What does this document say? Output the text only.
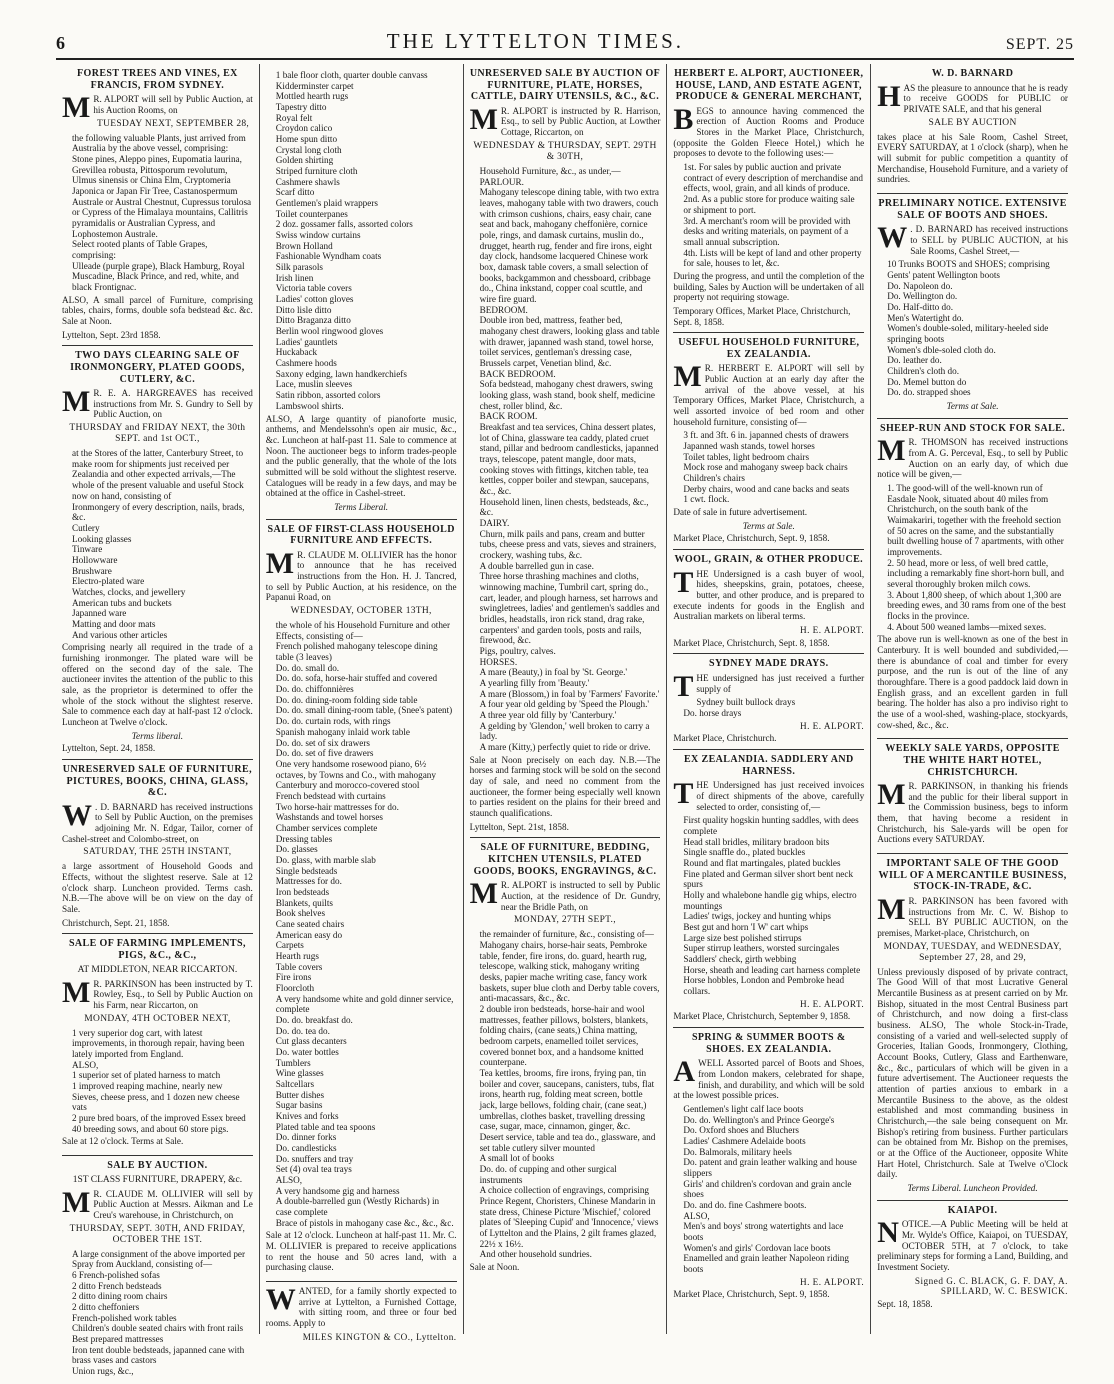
6	THE LYTTELTON TIMES.	SEPT. 25
FOREST TREES AND VINES, EX FRANCIS, FROM SYDNEY.
M R. ALPORT will sell by Public Auction, at his Auction Rooms, on
TUESDAY NEXT, SEPTEMBER 28,
the following valuable Plants, just arrived from Australia by the above vessel, comprising:
Stone pines, Aleppo pines, Eupomatia laurina, Grevillea robusta, Pittosporum revolutum, Ulmus sinensis or China Elm, Cryptomeria Japonica or Japan Fir Tree, Castanospermum Australe or Austral Chestnut, Cupressus torulosa or Cypress of the Himalaya mountains, Callitris pyramidalis or Australian Cypress, and Lophostemon Australe.
Select rooted plants of Table Grapes, comprising:
Ulleade (purple grape), Black Hamburg, Royal Muscadine, Black Prince, and red, white, and black Frontignac.
ALSO, A small parcel of Furniture, comprising tables, chairs, forms, double sofa bedstead &c. &c. Sale at Noon.
Lyttelton, Sept. 23rd 1858.
TWO DAYS CLEARING SALE OF IRONMONGERY, PLATED GOODS, CUTLERY, &C.
M R. E. A. HARGREAVES has received instructions from Mr. S. Gundry to Sell by Public Auction, on
THURSDAY and FRIDAY NEXT, the 30th SEPT. and 1st OCT.,
at the Stores of the latter, Canterbury Street, to make room for shipments just received per Zealandia and other expected arrivals,—The whole of the present valuable and useful Stock now on hand, consisting of
Ironmongery of every description, nails, brads, &c.
Cutlery
Looking glasses
Tinware
Hollowware
Brushware
Electro-plated ware
Watches, clocks, and jewellery
American tubs and buckets
Japanned ware
Matting and door mats
And various other articles
Comprising nearly all required in the trade of a furnishing ironmonger. The plated ware will be offered on the second day of the sale. The auctioneer invites the attention of the public to this sale, as the proprietor is determined to offer the whole of the stock without the slightest reserve. Sale to commence each day at half-past 12 o'clock. Luncheon at Twelve o'clock.
Terms liberal.
Lyttelton, Sept. 24, 1858.
UNRESERVED SALE OF FURNITURE, PICTURES, BOOKS, CHINA, GLASS, &C.
W . D. BARNARD has received instructions to Sell by Public Auction, on the premises adjoining Mr. N. Edgar, Tailor, corner of Cashel-street and Colombo-street, on
SATURDAY, THE 25TH INSTANT,
a large assortment of Household Goods and Effects, without the slightest reserve. Sale at 12 o'clock sharp. Luncheon provided. Terms cash. N.B.—The above will be on view on the day of Sale.
Christchurch, Sept. 21, 1858.
SALE OF FARMING IMPLEMENTS, PIGS, &C., &C.,
AT MIDDLETON, NEAR RICCARTON.
M R. PARKINSON has been instructed by T. Rowley, Esq., to Sell by Public Auction on his Farm, near Riccarton, on
MONDAY, 4TH OCTOBER NEXT,
1 very superior dog cart, with latest improvements, in thorough repair, having been lately imported from England.
ALSO,
1 superior set of plated harness to match
1 improved reaping machine, nearly new
Sieves, cheese press, and 1 dozen new cheese vats
2 pure bred boars, of the improved Essex breed
40 breeding sows, and about 60 store pigs.
Sale at 12 o'clock. Terms at Sale.
SALE BY AUCTION.
1ST CLASS FURNITURE, DRAPERY, &c.
M R. CLAUDE M. OLLIVIER will sell by Public Auction at Messrs. Aikman and Le Creu's warehouse, in Christchurch, on
THURSDAY, SEPT. 30TH, AND FRIDAY, OCTOBER THE 1ST.
A large consignment of the above imported per Spray from Auckland, consisting of—
6 French-polished sofas
2 ditto French bedsteads
2 ditto dining room chairs
2 ditto cheffoniers
French-polished work tables
Children's double seated chairs with front rails
Best prepared mattresses
Iron tent double bedsteads, japanned cane with brass vases and castors
Union rugs, &c.,
1 bale floor cloth, quarter double canvass
Kidderminster carpet
Mottled hearth rugs
Tapestry ditto
Royal felt
Croydon calico
Home spun ditto
Crystal long cloth
Golden shirting
Striped furniture cloth
Cashmere shawls
Scarf ditto
Gentlemen's plaid wrappers
Toilet counterpanes
2 doz. gossamer falls, assorted colors
Swiss window curtains
Brown Holland
Fashionable Wyndham coats
Silk parasols
Irish linen
Victoria table covers
Ladies' cotton gloves
Ditto lisle ditto
Ditto Braganza ditto
Berlin wool ringwood gloves
Ladies' gauntlets
Huckaback
Cashmere hoods
Saxony edging, lawn handkerchiefs
Lace, muslin sleeves
Satin ribbon, assorted colors
Lambswool shirts.
ALSO, A large quantity of pianoforte music, anthems, and Mendelssohn's open air music, &c., &c. Luncheon at half-past 11. Sale to commence at Noon. The auctioneer begs to inform trades-people and the public generally, that the whole of the lots submitted will be sold without the slightest reserve. Catalogues will be ready in a few days, and may be obtained at the office in Cashel-street.
Terms Liberal.
SALE OF FIRST-CLASS HOUSEHOLD FURNITURE AND EFFECTS.
M R. CLAUDE M. OLLIVIER has the honor to announce that he has received instructions from the Hon. H. J. Tancred, to sell by Public Auction, at his residence, on the Papanui Road, on
WEDNESDAY, OCTOBER 13TH,
the whole of his Household Furniture and other Effects, consisting of—
French polished mahogany telescope dining table (3 leaves)
Do. do. small do.
Do. do. sofa, horse-hair stuffed and covered
Do. do. chiffonnières
Do. do. dining-room folding side table
Do. do. small dining-room table, (Snee's patent)
Do. do. curtain rods, with rings
Spanish mahogany inlaid work table
Do. do. set of six drawers
Do. do. set of five drawers
One very handsome rosewood piano, 6½ octaves, by Towns and Co., with mahogany Canterbury and morocco-covered stool
French bedstead with curtains
Two horse-hair mattresses for do.
Washstands and towel horses
Chamber services complete
Dressing tables
Do. glasses
Do. glass, with marble slab
Single bedsteads
Mattresses for do.
Iron bedsteads
Blankets, quilts
Book shelves
Cane seated chairs
American easy do
Carpets
Hearth rugs
Table covers
Fire irons
Floorcloth
A very handsome white and gold dinner service, complete
Do. do. breakfast do.
Do. do. tea do.
Cut glass decanters
Do. water bottles
Tumblers
Wine glasses
Saltcellars
Butter dishes
Sugar basins
Knives and forks
Plated table and tea spoons
Do. dinner forks
Do. candlesticks
Do. snuffers and tray
Set (4) oval tea trays
ALSO,
A very handsome gig and harness
A double-barrelled gun (Westly Richards) in case complete
Brace of pistols in mahogany case &c., &c., &c.
Sale at 12 o'clock. Luncheon at half-past 11. Mr. C. M. OLLIVIER is prepared to receive applications to rent the house and 50 acres land, with a purchasing clause.
WANTED, for a family shortly expected to arrive at Lyttelton, a Furnished Cottage, with sitting room, and three or four bed rooms. Apply to
MILES KINGTON & CO., Lyttelton.
UNRESERVED SALE BY AUCTION OF FURNITURE, PLATE, HORSES, CATTLE, DAIRY UTENSILS, &C., &C.
M R. ALPORT is instructed by R. Harrison, Esq., to sell by Public Auction, at Lowther Cottage, Riccarton, on
WEDNESDAY & THURSDAY, SEPT. 29TH & 30TH,
Household Furniture, &c., as under,—
PARLOUR.
Mahogany telescope dining table, with two extra leaves, mahogany table with two drawers, couch with crimson cushions, chairs, easy chair, cane seat and back, mahogany cheffonière, cornice pole, rings, and damask curtains, muslin do., drugget, hearth rug, fender and fire irons, eight day clock, handsome lacquered Chinese work box, damask table covers, a small selection of books, backgammon and chessboard, cribbage do., China inkstand, copper coal scuttle, and wire fire guard.
BEDROOM.
Double iron bed, mattress, feather bed, mahogany chest drawers, looking glass and table with drawer, japanned wash stand, towel horse, toilet services, gentleman's dressing case, Brussels carpet, Venetian blind, &c.
BACK BEDROOM.
Sofa bedstead, mahogany chest drawers, swing looking glass, wash stand, book shelf, medicine chest, roller blind, &c.
BACK ROOM.
Breakfast and tea services, China dessert plates, lot of China, glassware tea caddy, plated cruet stand, pillar and bedroom candlesticks, japanned trays, telescope, patent mangle, door mats, cooking stoves with fittings, kitchen table, tea kettles, copper boiler and stewpan, saucepans, &c., &c.
Household linen, linen chests, bedsteads, &c., &c.
DAIRY.
Churn, milk pails and pans, cream and butter tubs, cheese press and vats, sieves and strainers, crockery, washing tubs, &c.
A double barrelled gun in case.
Three horse thrashing machines and cloths, winnowing machine, Tumbril cart, spring do., cart, leader, and plough harness, set harrows and swingletrees, ladies' and gentlemen's saddles and bridles, headstalls, iron rick stand, drag rake, carpenters' and garden tools, posts and rails, firewood, &c.
Pigs, poultry, calves.
HORSES.
A mare (Beauty,) in foal by 'St. George.'
A yearling filly from 'Beauty.'
A mare (Blossom,) in foal by 'Farmers' Favorite.'
A four year old gelding by 'Speed the Plough.'
A three year old filly by 'Canterbury.'
A gelding by 'Glendon,' well broken to carry a lady.
A mare (Kitty,) perfectly quiet to ride or drive.
Sale at Noon precisely on each day. N.B.—The horses and farming stock will be sold on the second day of sale, and need no comment from the auctioneer, the former being especially well known to parties resident on the plains for their breed and staunch qualifications.
Lyttelton, Sept. 21st, 1858.
SALE OF FURNITURE, BEDDING, KITCHEN UTENSILS, PLATED GOODS, BOOKS, ENGRAVINGS, &C.
M R. ALPORT is instructed to sell by Public Auction, at the residence of Dr. Gundry, near the Bridle Path, on
MONDAY, 27TH SEPT.,
the remainder of furniture, &c., consisting of—
Mahogany chairs, horse-hair seats, Pembroke table, fender, fire irons, do. guard, hearth rug, telescope, walking stick, mahogany writing desks, papier mache writing case, fancy work baskets, super blue cloth and Derby table covers, anti-macassars, &c., &c.
2 double iron bedsteads, horse-hair and wool mattresses, feather pillows, bolsters, blankets, folding chairs, (cane seats,) China matting, bedroom carpets, enamelled toilet services, covered bonnet box, and a handsome knitted counterpane.
Tea kettles, brooms, fire irons, frying pan, tin boiler and cover, saucepans, canisters, tubs, flat irons, hearth rug, folding meat screen, bottle jack, large bellows, folding chair, (cane seat,) umbrellas, clothes basket, travelling dressing case, sugar, mace, cinnamon, ginger, &c.
Desert service, table and tea do., glassware, and set table cutlery silver mounted
A small lot of books
Do. do. of cupping and other surgical instruments
A choice collection of engravings, comprising Prince Regent, Choristers, Chinese Mandarin in state dress, Chinese Picture 'Mischief,' colored plates of 'Sleeping Cupid' and 'Innocence,' views of Lyttelton and the Plains, 2 gilt frames glazed, 22½ x 16½.
And other household sundries.
Sale at Noon.
HERBERT E. ALPORT, AUCTIONEER, HOUSE, LAND, AND ESTATE AGENT, PRODUCE & GENERAL MERCHANT,
BEGS to announce having commenced the erection of Auction Rooms and Produce Stores in the Market Place, Christchurch, (opposite the Golden Fleece Hotel,) which he proposes to devote to the following uses:—
1st. For sales by public auction and private contract of every description of merchandise and effects, wool, grain, and all kinds of produce.
2nd. As a public store for produce waiting sale or shipment to port.
3rd. A merchant's room will be provided with desks and writing materials, on payment of a small annual subscription.
4th. Lists will be kept of land and other property for sale, houses to let, &c.
During the progress, and until the completion of the building, Sales by Auction will be undertaken of all property not requiring stowage.
Temporary Offices, Market Place, Christchurch, Sept. 8, 1858.
USEFUL HOUSEHOLD FURNITURE, EX ZEALANDIA.
M R. HERBERT E. ALPORT will sell by Public Auction at an early day after the arrival of the above vessel, at his Temporary Offices, Market Place, Christchurch, a well assorted invoice of bed room and other household furniture, consisting of—
3 ft. and 3ft. 6 in. japanned chests of drawers
Japanned wash stands, towel horses
Toilet tables, light bedroom chairs
Mock rose and mahogany sweep back chairs
Children's chairs
Derby chairs, wood and cane backs and seats
1 cwt. flock.
Date of sale in future advertisement.
Terms at Sale.
Market Place, Christchurch, Sept. 9, 1858.
WOOL, GRAIN, & OTHER PRODUCE.
THE Undersigned is a cash buyer of wool, hides, sheepskins, grain, potatoes, cheese, butter, and other produce, and is prepared to execute indents for goods in the English and Australian markets on liberal terms.
H. E. ALPORT.
Market Place, Christchurch, Sept. 8, 1858.
SYDNEY MADE DRAYS.
THE undersigned has just received a further supply of
Sydney built bullock drays
Do. horse drays
H. E. ALPORT.
Market Place, Christchurch.
EX ZEALANDIA. SADDLERY AND HARNESS.
THE Undersigned has just received invoices of direct shipments of the above, carefully selected to order, consisting of,—
First quality hogskin hunting saddles, with dees complete
Head stall bridles, military bradoon bits
Single snaffle do., plated buckles
Round and flat martingales, plated buckles
Fine plated and German silver short bent neck spurs
Holly and whalebone handle gig whips, electro mountings
Ladies' twigs, jockey and hunting whips
Best gut and horn 'I W' cart whips
Large size best polished stirrups
Super stirrup leathers, worsted surcingales
Saddlers' check, girth webbing
Horse, sheath and leading cart harness complete
Horse hobbles, London and Pembroke head collars.
H. E. ALPORT.
Market Place, Christchurch, September 9, 1858.
SPRING & SUMMER BOOTS & SHOES. EX ZEALANDIA.
AWELL Assorted parcel of Boots and Shoes, from London makers, celebrated for shape, finish, and durability, and which will be sold at the lowest possible prices.
Gentlemen's light calf lace boots
Do. do. Wellington's and Prince George's
Do. Oxford shoes and Bluchers
Ladies' Cashmere Adelaide boots
Do. Balmorals, military heels
Do. patent and grain leather walking and house slippers
Girls' and children's cordovan and grain ancle shoes
Do. and do. fine Cashmere boots.
ALSO,
Men's and boys' strong watertights and lace boots
Women's and girls' Cordovan lace boots
Enamelled and grain leather Napoleon riding boots
H. E. ALPORT.
Market Place, Christchurch, Sept. 9, 1858.
W. D. BARNARD
HAS the pleasure to announce that he is ready to receive GOODS for PUBLIC or PRIVATE SALE, and that his general
SALE BY AUCTION
takes place at his Sale Room, Cashel Street, EVERY SATURDAY, at 1 o'clock (sharp), when he will submit for public competition a quantity of Merchandise, Household Furniture, and a variety of sundries.
PRELIMINARY NOTICE. EXTENSIVE SALE OF BOOTS AND SHOES.
W . D. BARNARD has received instructions to SELL by PUBLIC AUCTION, at his Sale Rooms, Cashel Street,—
10 Trunks BOOTS and SHOES; comprising
Gents' patent Wellington boots
Do. Napoleon do.
Do. Wellington do.
Do. Half-ditto do.
Men's Watertight do.
Women's double-soled, military-heeled side springing boots
Women's dble-soled cloth do.
Do. leather do.
Children's cloth do.
Do. Memel button do
Do. do. strapped shoes
Terms at Sale.
SHEEP-RUN AND STOCK FOR SALE.
M R. THOMSON has received instructions from A. G. Perceval, Esq., to sell by Public Auction on an early day, of which due notice will be given,—
1. The good-will of the well-known run of Easdale Nook, situated about 40 miles from Christchurch, on the south bank of the Waimakariri, together with the freehold section of 50 acres on the same, and the substantially built dwelling house of 7 apartments, with other improvements.
2. 50 head, more or less, of well bred cattle, including a remarkably fine short-horn bull, and several thoroughly broken milch cows.
3. About 1,800 sheep, of which about 1,300 are breeding ewes, and 30 rams from one of the best flocks in the province.
4. About 500 weaned lambs—mixed sexes.
The above run is well-known as one of the best in Canterbury. It is well bounded and subdivided,—there is abundance of coal and timber for every purpose, and the run is out of the line of any thoroughfare. There is a good paddock laid down in English grass, and an excellent garden in full bearing. The holder has also a pro indiviso right to the use of a wool-shed, washing-place, stockyards, cow-shed, &c., &c.
WEEKLY SALE YARDS, OPPOSITE THE WHITE HART HOTEL, CHRISTCHURCH.
M R. PARKINSON, in thanking his friends and the public for their liberal support in the Commission business, begs to inform them, that having become a resident in Christchurch, his Sale-yards will be open for Auctions every SATURDAY.
IMPORTANT SALE OF THE GOOD WILL OF A MERCANTILE BUSINESS, STOCK-IN-TRADE, &C.
M R. PARKINSON has been favored with instructions from Mr. C. W. Bishop to SELL BY PUBLIC AUCTION, on the premises, Market-place, Christchurch, on
MONDAY, TUESDAY, and WEDNESDAY, September 27, 28, and 29,
Unless previously disposed of by private contract, The Good Will of that most Lucrative General Mercantile Business as at present carried on by Mr. Bishop, situated in the most Central Business part of Christchurch, and now doing a first-class business. ALSO, The whole Stock-in-Trade, consisting of a varied and well-selected supply of Groceries, Italian Goods, Ironmongery, Clothing, Account Books, Cutlery, Glass and Earthenware, &c., &c., particulars of which will be given in a future advertisement. The Auctioneer requests the attention of parties anxious to embark in a Mercantile Business to the above, as the oldest established and most commanding business in Christchurch,—the sale being consequent on Mr. Bishop's retiring from business. Further particulars can be obtained from Mr. Bishop on the premises, or at the Office of the Auctioneer, opposite White Hart Hotel, Christchurch. Sale at Twelve o'Clock daily.
Terms Liberal. Luncheon Provided.
KAIAPOI.
NOTICE.—A Public Meeting will be held at Mr. Wylde's Office, Kaiapoi, on TUESDAY, OCTOBER 5TH, at 7 o'clock, to take preliminary steps for forming a Land, Building, and Investment Society.
Signed G. C. BLACK, G. F. DAY, A. SPILLARD, W. C. BESWICK.
Sept. 18, 1858.
